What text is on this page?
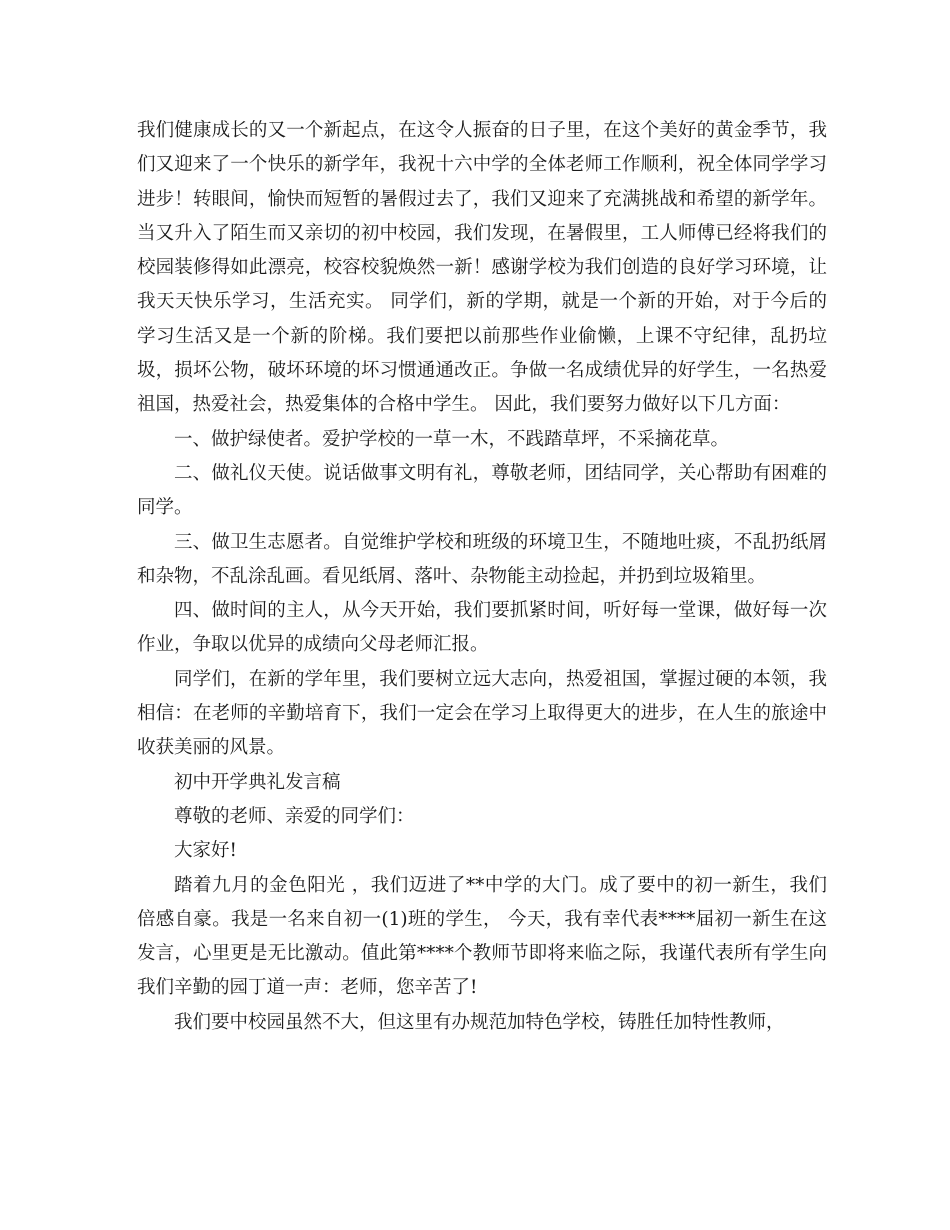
我们健康成长的又一个新起点，在这令人振奋的日子里，在这个美好的黄金季节，我们又迎来了一个快乐的新学年，我祝十六中学的全体老师工作顺利，祝全体同学学习进步！转眼间，愉快而短暂的暑假过去了，我们又迎来了充满挑战和希望的新学年。当又升入了陌生而又亲切的初中校园，我们发现，在暑假里，工人师傅已经将我们的校园装修得如此漂亮，校容校貌焕然一新！感谢学校为我们创造的良好学习环境，让我天天快乐学习，生活充实。 同学们，新的学期，就是一个新的开始，对于今后的学习生活又是一个新的阶梯。我们要把以前那些作业偷懒，上课不守纪律，乱扔垃圾，损坏公物，破坏环境的坏习惯通通改正。争做一名成绩优异的好学生，一名热爱祖国，热爱社会，热爱集体的合格中学生。 因此，我们要努力做好以下几方面：

一、做护绿使者。爱护学校的一草一木，不践踏草坪，不采摘花草。

二、做礼仪天使。说话做事文明有礼，尊敬老师，团结同学，关心帮助有困难的同学。

三、做卫生志愿者。自觉维护学校和班级的环境卫生，不随地吐痰，不乱扔纸屑和杂物，不乱涂乱画。看见纸屑、落叶、杂物能主动捡起，并扔到垃圾箱里。

四、做时间的主人，从今天开始，我们要抓紧时间，听好每一堂课，做好每一次作业，争取以优异的成绩向父母老师汇报。

同学们，在新的学年里，我们要树立远大志向，热爱祖国，掌握过硬的本领，我相信：在老师的辛勤培育下，我们一定会在学习上取得更大的进步，在人生的旅途中收获美丽的风景。

初中开学典礼发言稿

尊敬的老师、亲爱的同学们：

大家好!

踏着九月的金色阳光 ，我们迈进了**中学的大门。成了要中的初一新生，我们倍感自豪。我是一名来自初一(1)班的学生， 今天，我有幸代表****届初一新生在这发言，心里更是无比激动。值此第****个教师节即将来临之际，我谨代表所有学生向我们辛勤的园丁道一声：老师，您辛苦了!

我们要中校园虽然不大，但这里有办规范加特色学校，铸胜任加特性教师，
